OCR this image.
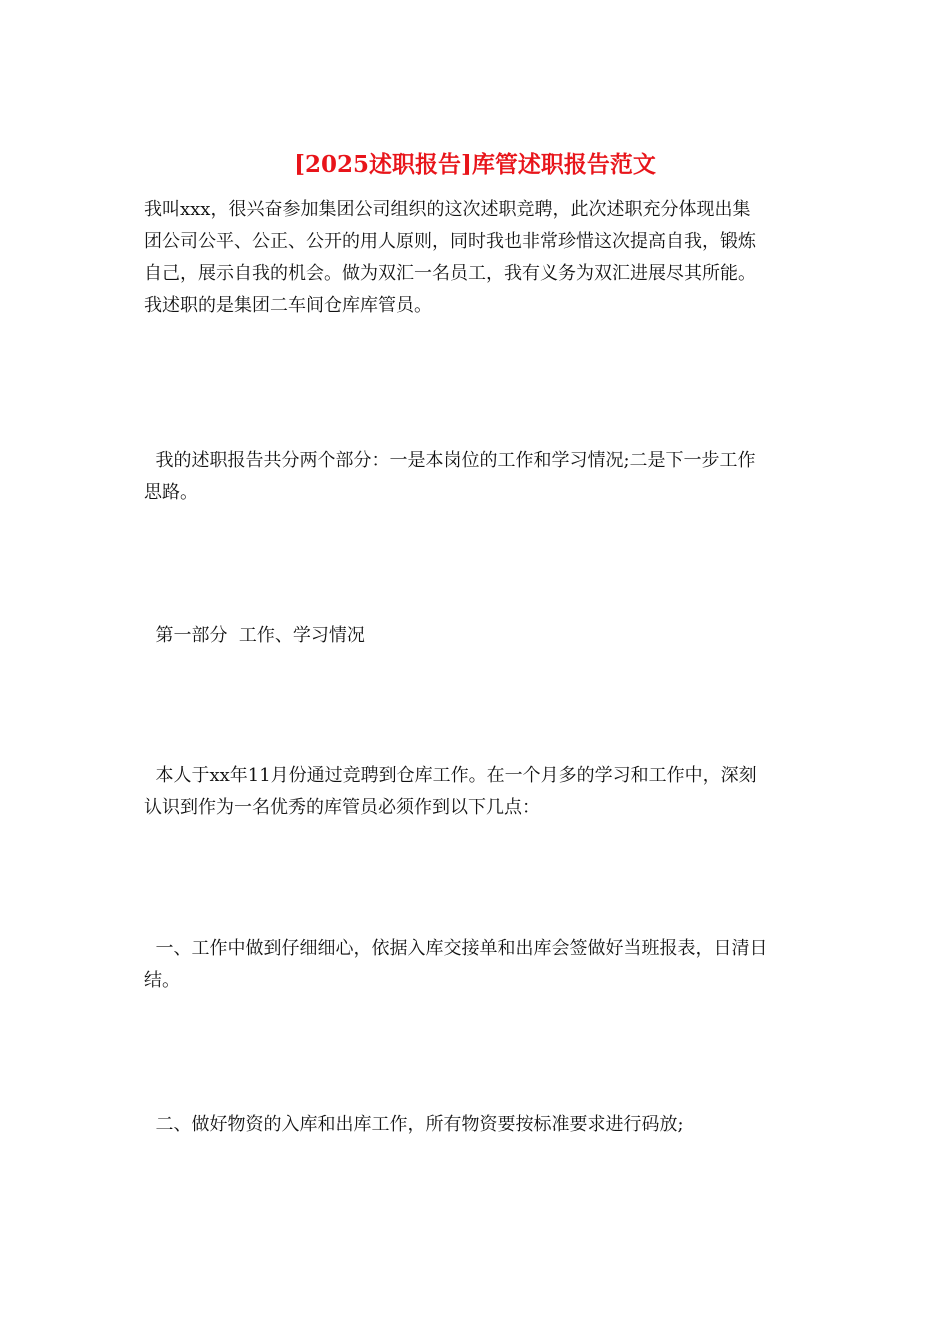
[2025述职报告]库管述职报告范文
我叫xxx，很兴奋参加集团公司组织的这次述职竞聘，此次述职充分体现出集
团公司公平、公正、公开的用人原则，同时我也非常珍惜这次提高自我，锻炼
自己，展示自我的机会。做为双汇一名员工，我有义务为双汇进展尽其所能。
我述职的是集团二车间仓库库管员。
我的述职报告共分两个部分：一是本岗位的工作和学习情况;二是下一步工作
思路。
第一部分  工作、学习情况
本人于xx年11月份通过竞聘到仓库工作。在一个月多的学习和工作中，深刻
认识到作为一名优秀的库管员必须作到以下几点：
一、工作中做到仔细细心，依据入库交接单和出库会签做好当班报表，日清日
结。
二、做好物资的入库和出库工作，所有物资要按标准要求进行码放;
